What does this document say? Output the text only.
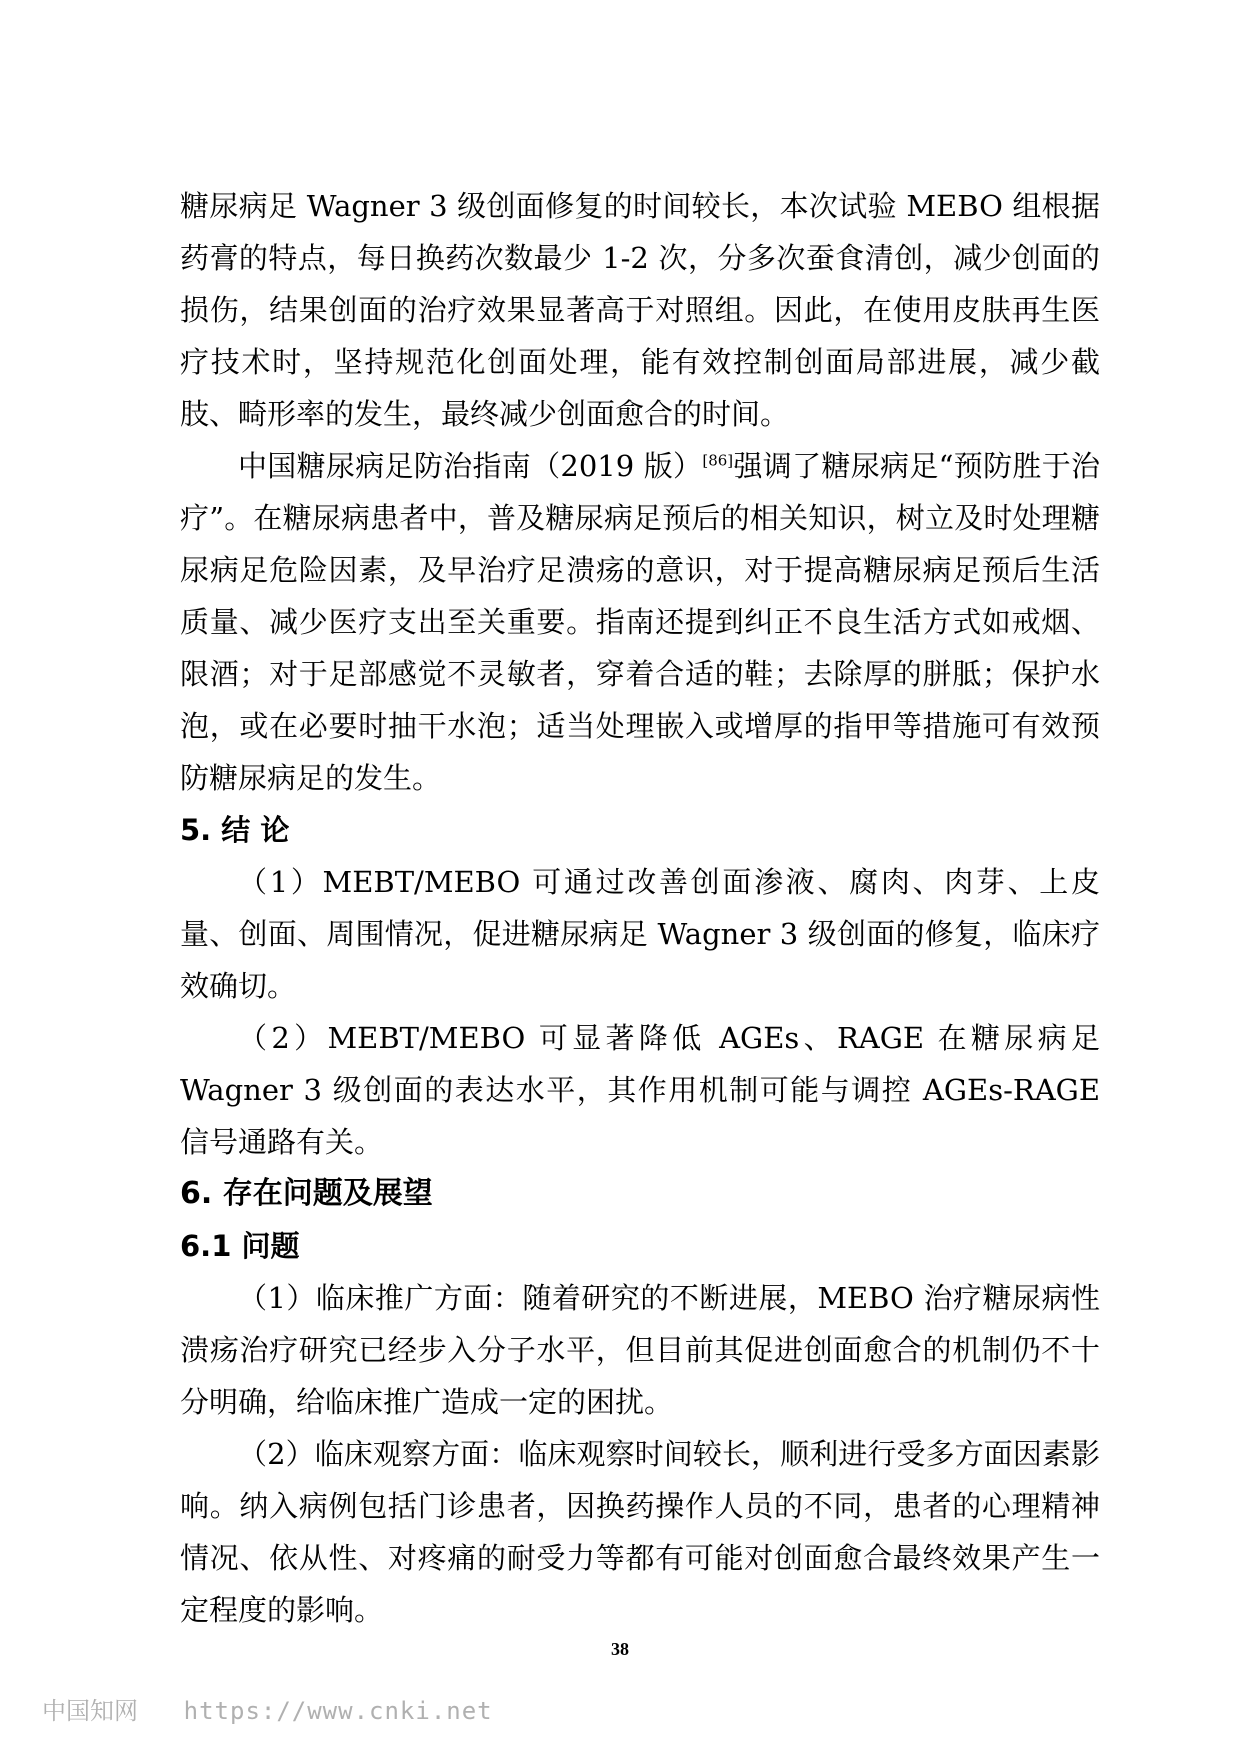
糖尿病足 Wagner 3 级创面修复的时间较长，本次试验 MEBO 组根据药膏的特点，每日换药次数最少 1-2 次，分多次蚕食清创，减少创面的损伤，结果创面的治疗效果显著高于对照组。因此，在使用皮肤再生医疗技术时，坚持规范化创面处理，能有效控制创面局部进展，减少截肢、畸形率的发生，最终减少创面愈合的时间。

中国糖尿病足防治指南（2019 版）[86]强调了糖尿病足“预防胜于治疗”。在糖尿病患者中，普及糖尿病足预后的相关知识，树立及时处理糖尿病足危险因素，及早治疗足溃疡的意识，对于提高糖尿病足预后生活质量、减少医疗支出至关重要。指南还提到纠正不良生活方式如戒烟、限酒；对于足部感觉不灵敏者，穿着合适的鞋；去除厚的胼胝；保护水泡，或在必要时抽干水泡；适当处理嵌入或增厚的指甲等措施可有效预防糖尿病足的发生。

5. 结 论

（1）MEBT/MEBO 可通过改善创面渗液、腐肉、肉芽、上皮量、创面、周围情况，促进糖尿病足 Wagner 3 级创面的修复，临床疗效确切。

（2）MEBT/MEBO 可显著降低 AGEs、RAGE 在糖尿病足 Wagner 3 级创面的表达水平，其作用机制可能与调控 AGEs-RAGE 信号通路有关。

6. 存在问题及展望
6.1 问题

（1）临床推广方面：随着研究的不断进展，MEBO 治疗糖尿病性溃疡治疗研究已经步入分子水平，但目前其促进创面愈合的机制仍不十分明确，给临床推广造成一定的困扰。

（2）临床观察方面：临床观察时间较长，顺利进行受多方面因素影响。纳入病例包括门诊患者，因换药操作人员的不同，患者的心理精神情况、依从性、对疼痛的耐受力等都有可能对创面愈合最终效果产生一定程度的影响。

38
中国知网 https://www.cnki.net
